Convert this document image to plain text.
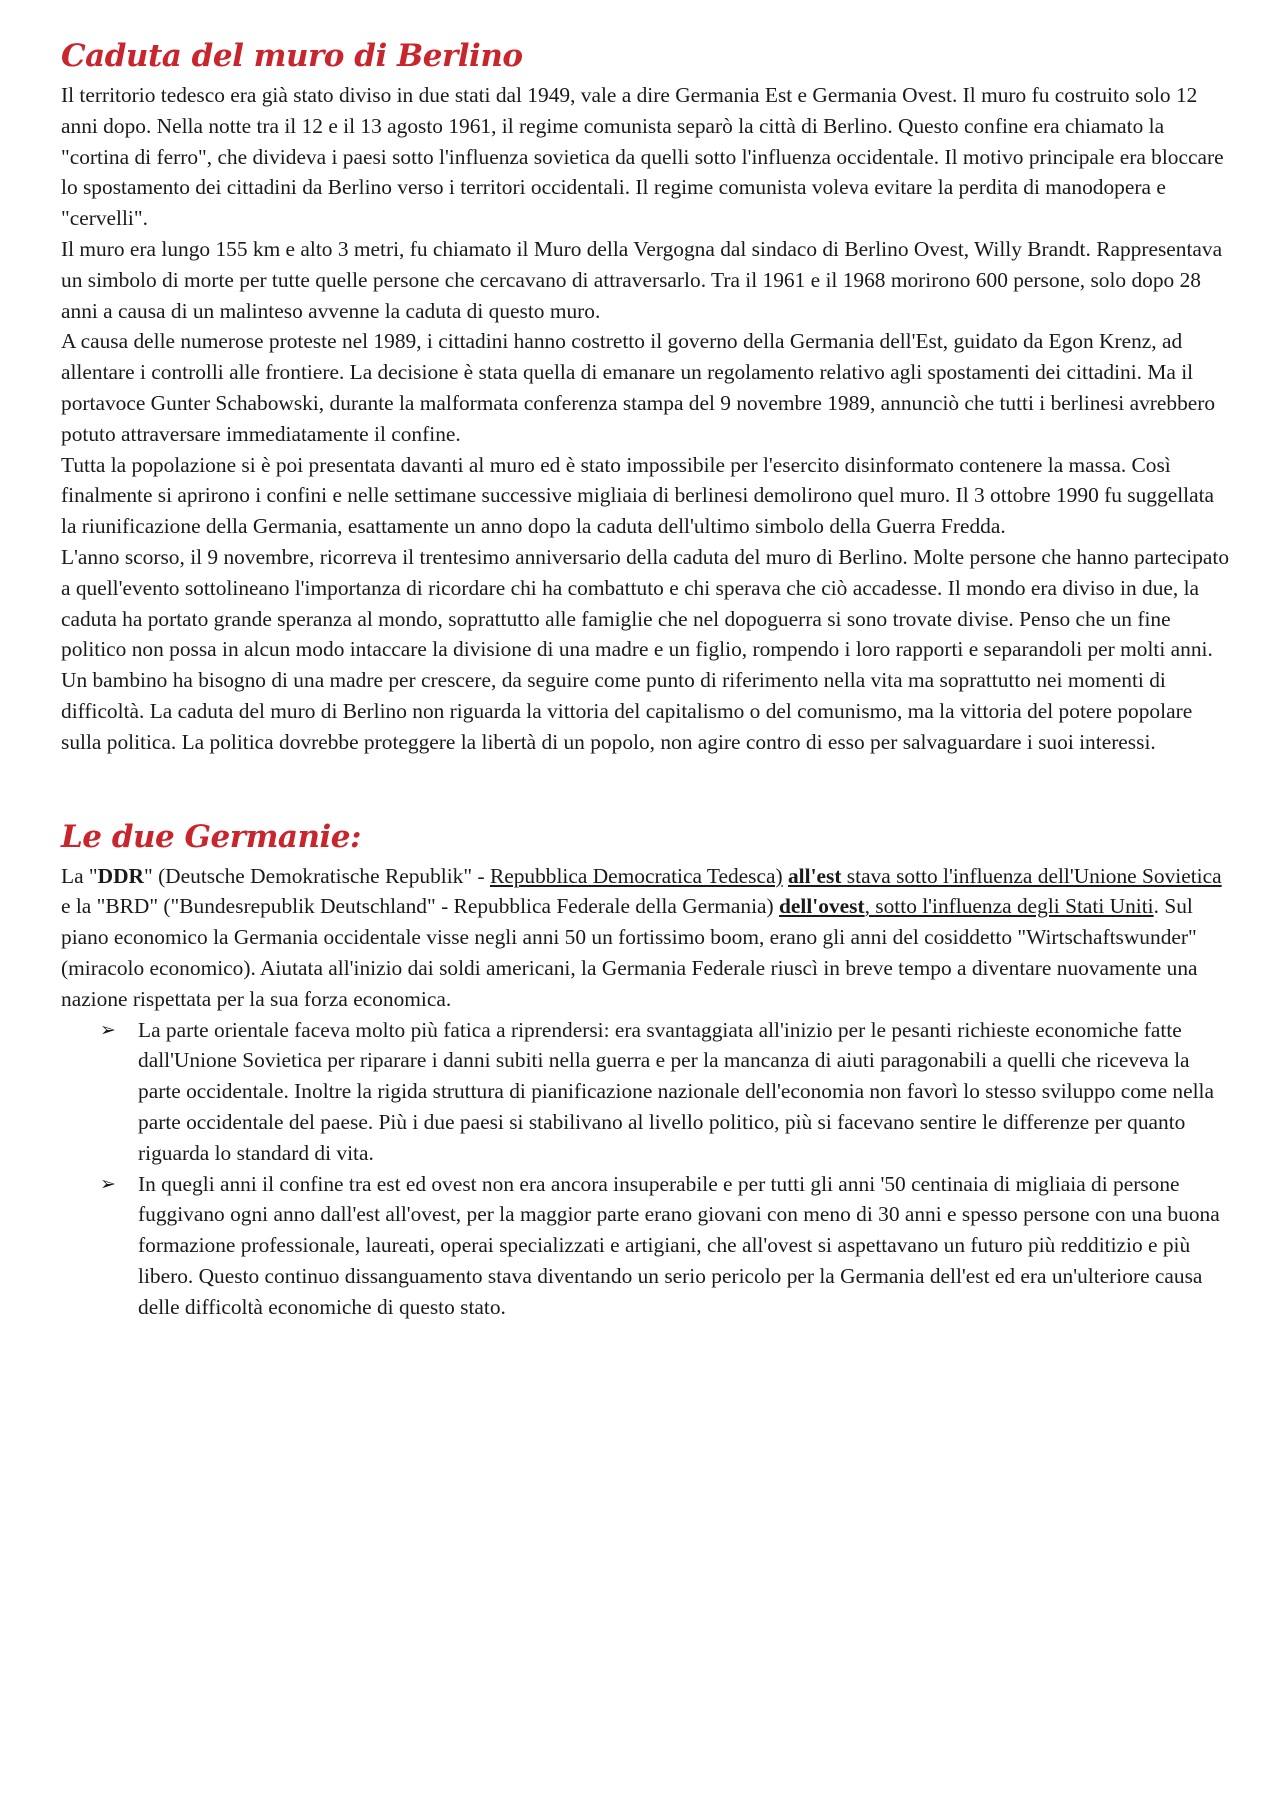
Caduta del muro di Berlino

Il territorio tedesco era già stato diviso in due stati dal 1949, vale a dire Germania Est e Germania Ovest. Il muro fu costruito solo 12 anni dopo. Nella notte tra il 12 e il 13 agosto 1961, il regime comunista separò la città di Berlino. Questo confine era chiamato la "cortina di ferro", che divideva i paesi sotto l'influenza sovietica da quelli sotto l'influenza occidentale. Il motivo principale era bloccare lo spostamento dei cittadini da Berlino verso i territori occidentali. Il regime comunista voleva evitare la perdita di manodopera e "cervelli".
Il muro era lungo 155 km e alto 3 metri, fu chiamato il Muro della Vergogna dal sindaco di Berlino Ovest, Willy Brandt. Rappresentava un simbolo di morte per tutte quelle persone che cercavano di attraversarlo. Tra il 1961 e il 1968 morirono 600 persone, solo dopo 28 anni a causa di un malinteso avvenne la caduta di questo muro.
A causa delle numerose proteste nel 1989, i cittadini hanno costretto il governo della Germania dell'Est, guidato da Egon Krenz, ad allentare i controlli alle frontiere. La decisione è stata quella di emanare un regolamento relativo agli spostamenti dei cittadini. Ma il portavoce Gunter Schabowski, durante la malformata conferenza stampa del 9 novembre 1989, annunciò che tutti i berlinesi avrebbero potuto attraversare immediatamente il confine.
Tutta la popolazione si è poi presentata davanti al muro ed è stato impossibile per l'esercito disinformato contenere la massa. Così finalmente si aprirono i confini e nelle settimane successive migliaia di berlinesi demolirono quel muro. Il 3 ottobre 1990 fu suggellata la riunificazione della Germania, esattamente un anno dopo la caduta dell'ultimo simbolo della Guerra Fredda.
L'anno scorso, il 9 novembre, ricorreva il trentesimo anniversario della caduta del muro di Berlino. Molte persone che hanno partecipato a quell'evento sottolineano l'importanza di ricordare chi ha combattuto e chi sperava che ciò accadesse. Il mondo era diviso in due, la caduta ha portato grande speranza al mondo, soprattutto alle famiglie che nel dopoguerra si sono trovate divise. Penso che un fine politico non possa in alcun modo intaccare la divisione di una madre e un figlio, rompendo i loro rapporti e separandoli per molti anni. Un bambino ha bisogno di una madre per crescere, da seguire come punto di riferimento nella vita ma soprattutto nei momenti di difficoltà. La caduta del muro di Berlino non riguarda la vittoria del capitalismo o del comunismo, ma la vittoria del potere popolare sulla politica. La politica dovrebbe proteggere la libertà di un popolo, non agire contro di esso per salvaguardare i suoi interessi.

Le due Germanie:

La "DDR" (Deutsche Demokratische Republik" - Repubblica Democratica Tedesca) all'est stava sotto l'influenza dell'Unione Sovietica e la "BRD" ("Bundesrepublik Deutschland" - Repubblica Federale della Germania) dell'ovest, sotto l'influenza degli Stati Uniti. Sul piano economico la Germania occidentale visse negli anni 50 un fortissimo boom, erano gli anni del cosiddetto "Wirtschaftswunder" (miracolo economico). Aiutata all'inizio dai soldi americani, la Germania Federale riuscì in breve tempo a diventare nuovamente una nazione rispettata per la sua forza economica.

➢ La parte orientale faceva molto più fatica a riprendersi: era svantaggiata all'inizio per le pesanti richieste economiche fatte dall'Unione Sovietica per riparare i danni subiti nella guerra e per la mancanza di aiuti paragonabili a quelli che riceveva la parte occidentale. Inoltre la rigida struttura di pianificazione nazionale dell'economia non favorì lo stesso sviluppo come nella parte occidentale del paese. Più i due paesi si stabilivano al livello politico, più si facevano sentire le differenze per quanto riguarda lo standard di vita.
➢ In quegli anni il confine tra est ed ovest non era ancora insuperabile e per tutti gli anni '50 centinaia di migliaia di persone fuggivano ogni anno dall'est all'ovest, per la maggior parte erano giovani con meno di 30 anni e spesso persone con una buona formazione professionale, laureati, operai specializzati e artigiani, che all'ovest si aspettavano un futuro più redditizio e più libero. Questo continuo dissanguamento stava diventando un serio pericolo per la Germania dell'est ed era un'ulteriore causa delle difficoltà economiche di questo stato.
